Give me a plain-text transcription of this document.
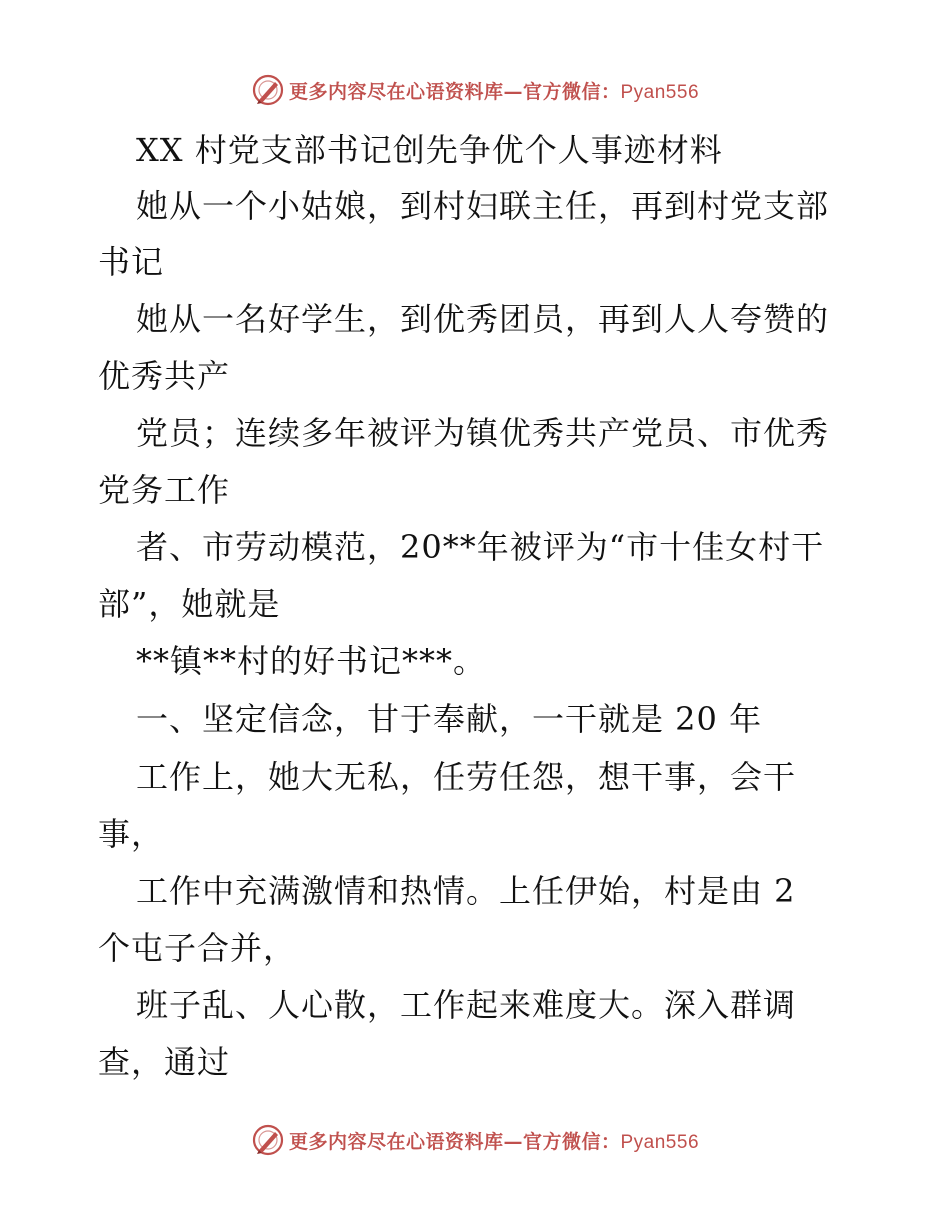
更多内容尽在心语资料库—官方微信：Pyan556
XX 村党支部书记创先争优个人事迹材料
她从一个小姑娘，到村妇联主任，再到村党支部
书记
她从一名好学生，到优秀团员，再到人人夸赞的
优秀共产
党员；连续多年被评为镇优秀共产党员、市优秀
党务工作
者、市劳动模范，20**年被评为“市十佳女村干
部”，她就是
**镇**村的好书记***。
一、坚定信念，甘于奉献，一干就是 20 年
工作上，她大无私，任劳任怨，想干事，会干
事，
工作中充满激情和热情。上任伊始，村是由 2
个屯子合并，
班子乱、人心散，工作起来难度大。深入群调
查，通过
更多内容尽在心语资料库—官方微信：Pyan556
